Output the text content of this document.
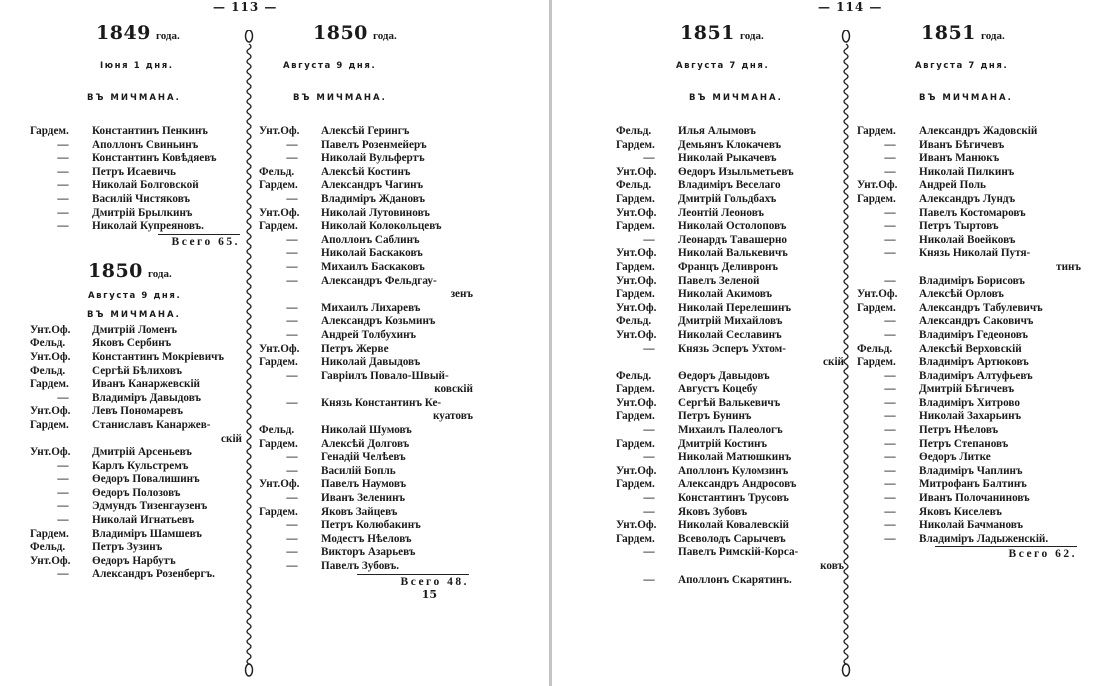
— 113 —
1849 года.
Іюня 1 дня.
ВЪ МИЧМАНА.
Гардем.	Константинъ Пенкинъ
—	Аполлонъ Свиньинъ
—	Константинъ Ковѣдяевъ
—	Петръ Исаевичь
—	Николай Болговской
—	Василій Чистяковъ
—	Дмитрій Брылкинъ
—	Николай Купреяновъ.
Всего 65.
1850 года.
Августа 9 дня.
ВЪ МИЧМАНА.
Унт.Оф.	Дмитрій Ломенъ
Фельд.	Яковъ Сербинъ
Унт.Оф.	Константинъ Мокріевичъ
Фельд.	Сергѣй Бѣлиховъ
Гардем.	Иванъ Канаржевскій
—	Владиміръ Давыдовъ
Унт.Оф.	Левъ Пономаревъ
Гардем.	Станиславъ Канаржев-
скій
Унт.Оф.	Дмитрій Арсеньевъ
—	Карлъ Кульстремъ
—	Өедоръ Повалишинъ
—	Өедоръ Полозовъ
—	Эдмундъ Тизенгаузенъ
—	Николай Игнатьевъ
Гардем.	Владиміръ Шамшевъ
Фельд.	Петръ Зузинъ
Унт.Оф.	Өедоръ Нарбутъ
—	Александръ Розенбергъ.
1850 года.
Августа 9 дня.
ВЪ МИЧМАНА.
Унт.Оф.	Алексѣй Герингъ
—	Павелъ Розенмейеръ
—	Николай Вульфертъ
Фельд.	Алексѣй Костинъ
Гардем.	Александръ Чагинъ
—	Владиміръ Ждановъ
Унт.Оф.	Николай Лутовиновъ
Гардем.	Николай Колокольцевъ
—	Аполлонъ Саблинъ
—	Николай Баскаковъ
—	Михаилъ Баскаковъ
—	Александръ Фельдгау-
зенъ
—	Михаилъ Лихаревъ
—	Александръ Козьминъ
—	Андрей Толбухинъ
Унт.Оф.	Петръ Жерве
Гардем.	Николай Давыдовъ
—	Гавріилъ Повало-Швый-
ковскій
—	Князь Константинъ Ке-
куатовъ
Фельд.	Николай Шумовъ
Гардем.	Алексѣй Долговъ
—	Генадій Челѣевъ
—	Василій Бопль
Унт.Оф.	Павелъ Наумовъ
—	Иванъ Зеленинъ
Гардем.	Яковъ Зайцевъ
—	Петръ Колюбакинъ
—	Модестъ Нѣеловъ
—	Викторъ Азарьевъ
—	Павелъ Зубовъ.
Всего 48.
15
— 114 —
1851 года.
Августа 7 дня.
ВЪ МИЧМАНА.
Фельд.	Илья Алымовъ
Гардем.	Демьянъ Клокачевъ
—	Николай Рыкачевъ
Унт.Оф.	Өедоръ Изыльметьевъ
Фельд.	Владиміръ Веселаго
Гардем.	Дмитрій Гольдбахъ
Унт.Оф.	Леонтій Леоновъ
Гардем.	Николай Остолоповъ
—	Леонардъ Тавашерно
Унт.Оф.	Николай Валькевичъ
Гардем.	Францъ Деливронъ
Унт.Оф.	Павелъ Зеленой
Гардем.	Николай Акимовъ
Унт.Оф.	Николай Перелешинъ
Фельд.	Дмитрій Михайловъ
Унт.Оф.	Николай Сеславинъ
—	Князь Эсперъ Ухтом-
скій
Фельд.	Өедоръ Давыдовъ
Гардем.	Августъ Коцебу
Унт.Оф.	Сергѣй Валькевичъ
Гардем.	Петръ Бунинъ
—	Михаилъ Палеологъ
Гардем.	Дмитрій Костинъ
—	Николай Матюшкинъ
Унт.Оф.	Аполлонъ Куломзинъ
Гардем.	Александръ Андросовъ
—	Константинъ Трусовъ
—	Яковъ Зубовъ
Унт.Оф.	Николай Ковалевскій
Гардем.	Всеволодъ Сарычевъ
—	Павелъ Римскій-Корса-
ковъ
—	Аполлонъ Скарятинъ.
1851 года.
Августа 7 дня.
ВЪ МИЧМАНА.
Гардем.	Александръ Жадовскій
—	Иванъ Бѣгичевъ
—	Иванъ Манюкъ
—	Николай Пилкинъ
Унт.Оф.	Андрей Поль
Гардем.	Александръ Лундъ
—	Павелъ Костомаровъ
—	Петръ Тыртовъ
—	Николай Воейковъ
—	Князь Николай Путя-
тинъ
—	Владиміръ Борисовъ
Унт.Оф.	Алексѣй Орловъ
Гардем.	Александръ Табулевичъ
—	Александръ Саковичъ
—	Владиміръ Гедеоновъ
Фельд.	Алексѣй Верховскій
Гардем.	Владиміръ Артюковъ
—	Владиміръ Алтуфьевъ
—	Дмитрій Бѣгичевъ
—	Владиміръ Хитрово
—	Николай Захарьинъ
—	Петръ Нѣеловъ
—	Петръ Степановъ
—	Өедоръ Литке
—	Владиміръ Чаплинъ
—	Митрофанъ Балтинъ
—	Иванъ Полочаниновъ
—	Яковъ Киселевъ
—	Николай Бачмановъ
—	Владиміръ Ладыженскій.
Всего 62.
